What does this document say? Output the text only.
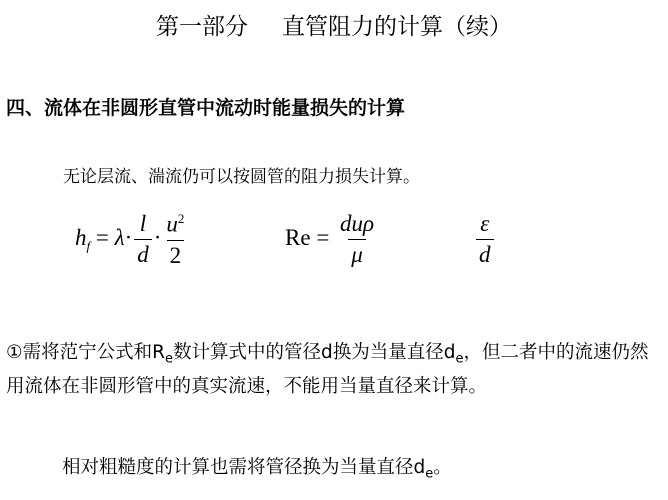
第一部分 直管阻力的计算（续）
四、流体在非圆形直管中流动时能量损失的计算
无论层流、湍流仍可以按圆管的阻力损失计算。
$h_f = \lambda\cdot \frac{l}{d} \cdot \frac{u^2}{2}$	$Re = \frac{\text{duρ}}{\mu}$	$\frac{\varepsilon}{d}$
①需将范宁公式和$R_e$数计算式中的管径d换为当量直径$d_e$，但二者中的流速仍然用流体在非圆形管中的真实流速，不能用当量直径来计算。
相对粗糙度的计算也需将管径换为当量直径$d_e$。
